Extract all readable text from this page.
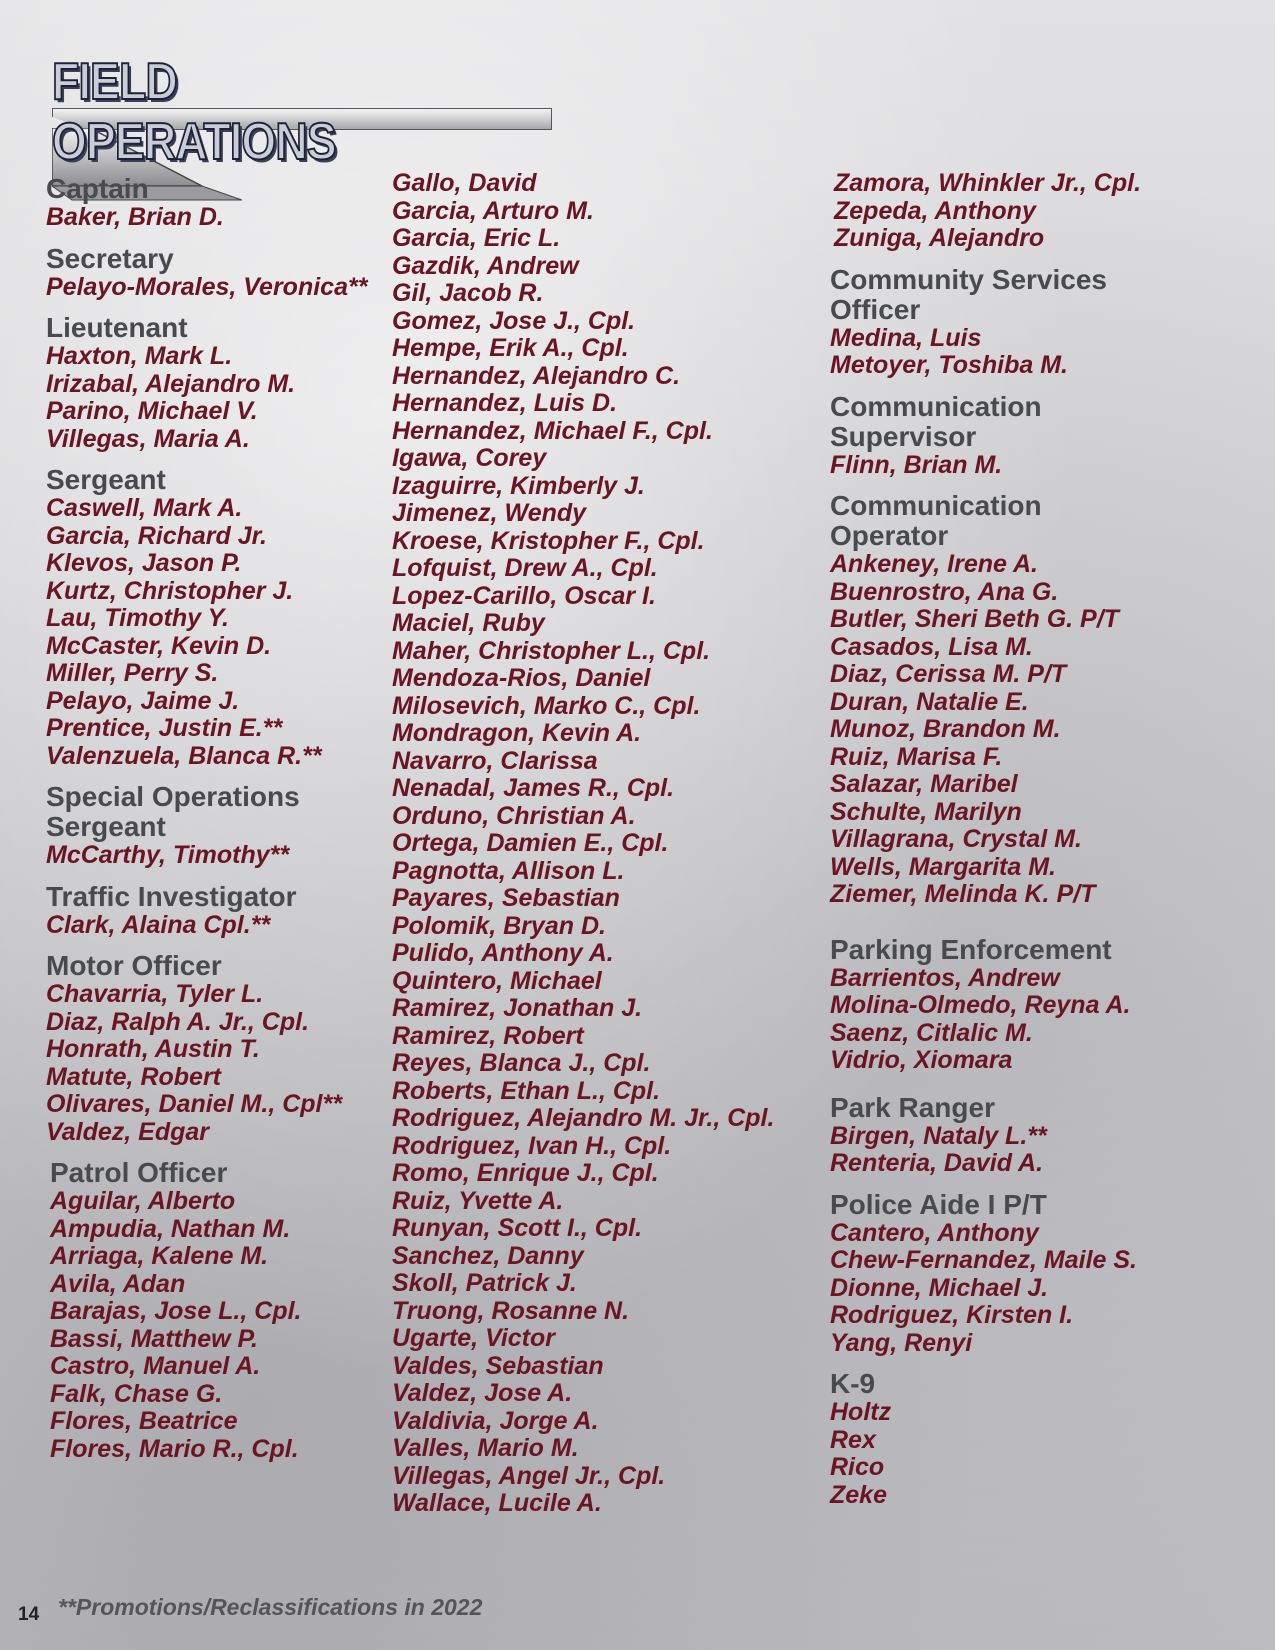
FIELD OPERATIONS

Captain

Baker, Brian D.

Secretary

Pelayo-Morales, Veronica**

Lieutenant

Haxton, Mark L.

Irizabal, Alejandro M.

Parino, Michael V.

Villegas, Maria A.

Sergeant

Caswell, Mark A.

Garcia, Richard Jr.

Klevos, Jason P.

Kurtz, Christopher J.

Lau, Timothy Y.

McCaster, Kevin D.

Miller, Perry S.

Pelayo, Jaime J.

Prentice, Justin E.**

Valenzuela, Blanca R.**

Special Operations Sergeant

McCarthy, Timothy**

Traffic Investigator

Clark, Alaina Cpl.**

Motor Officer

Chavarria, Tyler L.

Diaz, Ralph A. Jr., Cpl.

Honrath, Austin T.

Matute, Robert

Olivares, Daniel M., Cpl**

Valdez, Edgar

Patrol Officer

Aguilar, Alberto

Ampudia, Nathan M.

Arriaga, Kalene M.

Avila, Adan

Barajas, Jose L., Cpl.

Bassi, Matthew P.

Castro, Manuel A.

Falk, Chase G.

Flores, Beatrice

Flores, Mario R., Cpl.

Gallo, David

Garcia, Arturo M.

Garcia, Eric L.

Gazdik, Andrew

Gil, Jacob R.

Gomez, Jose J., Cpl.

Hempe, Erik A., Cpl.

Hernandez, Alejandro C.

Hernandez, Luis D.

Hernandez, Michael F., Cpl.

Igawa, Corey

Izaguirre, Kimberly J.

Jimenez, Wendy

Kroese, Kristopher F., Cpl.

Lofquist, Drew A., Cpl.

Lopez-Carillo, Oscar I.

Maciel, Ruby

Maher, Christopher L., Cpl.

Mendoza-Rios, Daniel

Milosevich, Marko C., Cpl.

Mondragon, Kevin A.

Navarro, Clarissa

Nenadal, James R., Cpl.

Orduno, Christian A.

Ortega, Damien E., Cpl.

Pagnotta, Allison L.

Payares, Sebastian

Polomik, Bryan D.

Pulido, Anthony A.

Quintero, Michael

Ramirez, Jonathan J.

Ramirez, Robert

Reyes, Blanca J., Cpl.

Roberts, Ethan L., Cpl.

Rodriguez, Alejandro M. Jr., Cpl.

Rodriguez, Ivan H., Cpl.

Romo, Enrique J., Cpl.

Ruiz, Yvette A.

Runyan, Scott I., Cpl.

Sanchez, Danny

Skoll, Patrick J.

Truong, Rosanne N.

Ugarte, Victor

Valdes, Sebastian

Valdez, Jose A.

Valdivia, Jorge A.

Valles, Mario M.

Villegas, Angel Jr., Cpl.

Wallace, Lucile A.

Zamora, Whinkler Jr., Cpl.

Zepeda, Anthony

Zuniga, Alejandro

Community Services Officer

Medina, Luis

Metoyer, Toshiba M.

Communication Supervisor

Flinn, Brian M.

Communication Operator

Ankeney, Irene A.

Buenrostro, Ana G.

Butler, Sheri Beth G. P/T

Casados, Lisa M.

Diaz, Cerissa M. P/T

Duran, Natalie E.

Munoz, Brandon M.

Ruiz, Marisa F.

Salazar, Maribel

Schulte, Marilyn

Villagrana, Crystal M.

Wells, Margarita M.

Ziemer, Melinda K. P/T

Parking Enforcement

Barrientos, Andrew

Molina-Olmedo, Reyna A.

Saenz, Citlalic M.

Vidrio, Xiomara

Park Ranger

Birgen, Nataly L.**

Renteria, David A.

Police Aide I P/T

Cantero, Anthony

Chew-Fernandez, Maile S.

Dionne, Michael J.

Rodriguez, Kirsten I.

Yang, Renyi

K-9

Holtz

Rex

Rico

Zeke

14 **Promotions/Reclassifications in 2022
